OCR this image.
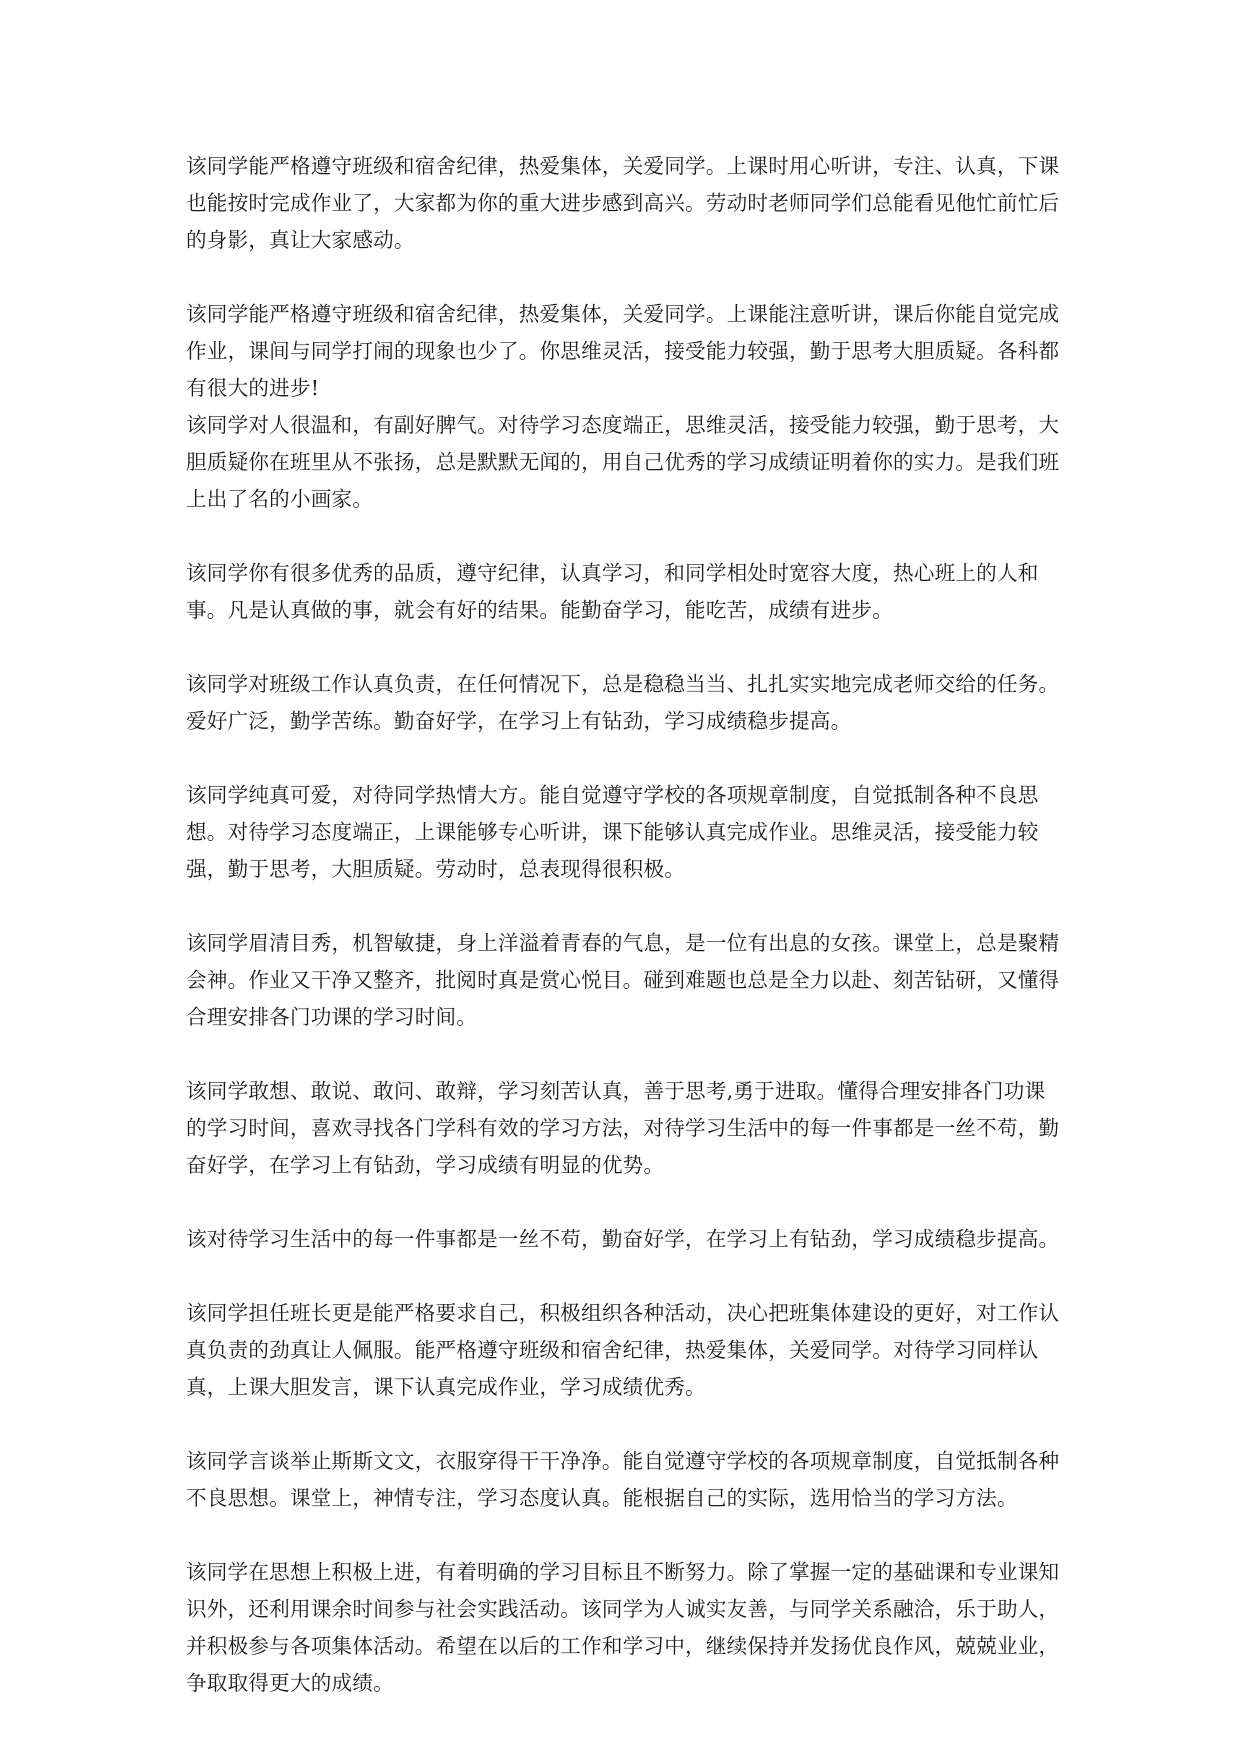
该同学能严格遵守班级和宿舍纪律，热爱集体，关爱同学。上课时用心听讲，专注、认真，下课也能按时完成作业了，大家都为你的重大进步感到高兴。劳动时老师同学们总能看见他忙前忙后的身影，真让大家感动。

该同学能严格遵守班级和宿舍纪律，热爱集体，关爱同学。上课能注意听讲，课后你能自觉完成作业，课间与同学打闹的现象也少了。你思维灵活，接受能力较强，勤于思考大胆质疑。各科都有很大的进步!

该同学对人很温和，有副好脾气。对待学习态度端正，思维灵活，接受能力较强，勤于思考，大胆质疑你在班里从不张扬，总是默默无闻的，用自己优秀的学习成绩证明着你的实力。是我们班上出了名的小画家。

该同学你有很多优秀的品质，遵守纪律，认真学习，和同学相处时宽容大度，热心班上的人和事。凡是认真做的事，就会有好的结果。能勤奋学习，能吃苦，成绩有进步。

该同学对班级工作认真负责，在任何情况下，总是稳稳当当、扎扎实实地完成老师交给的任务。爱好广泛，勤学苦练。勤奋好学，在学习上有钻劲，学习成绩稳步提高。

该同学纯真可爱，对待同学热情大方。能自觉遵守学校的各项规章制度，自觉抵制各种不良思想。对待学习态度端正，上课能够专心听讲，课下能够认真完成作业。思维灵活，接受能力较强，勤于思考，大胆质疑。劳动时，总表现得很积极。

该同学眉清目秀，机智敏捷，身上洋溢着青春的气息，是一位有出息的女孩。课堂上，总是聚精会神。作业又干净又整齐，批阅时真是赏心悦目。碰到难题也总是全力以赴、刻苦钻研，又懂得合理安排各门功课的学习时间。

该同学敢想、敢说、敢问、敢辩，学习刻苦认真，善于思考,勇于进取。懂得合理安排各门功课的学习时间，喜欢寻找各门学科有效的学习方法，对待学习生活中的每一件事都是一丝不苟，勤奋好学，在学习上有钻劲，学习成绩有明显的优势。

该对待学习生活中的每一件事都是一丝不苟，勤奋好学，在学习上有钻劲，学习成绩稳步提高。

该同学担任班长更是能严格要求自己，积极组织各种活动，决心把班集体建设的更好，对工作认真负责的劲真让人佩服。能严格遵守班级和宿舍纪律，热爱集体，关爱同学。对待学习同样认真，上课大胆发言，课下认真完成作业，学习成绩优秀。

该同学言谈举止斯斯文文，衣服穿得干干净净。能自觉遵守学校的各项规章制度，自觉抵制各种不良思想。课堂上，神情专注，学习态度认真。能根据自己的实际，选用恰当的学习方法。

该同学在思想上积极上进，有着明确的学习目标且不断努力。除了掌握一定的基础课和专业课知识外，还利用课余时间参与社会实践活动。该同学为人诚实友善，与同学关系融洽，乐于助人，并积极参与各项集体活动。希望在以后的工作和学习中，继续保持并发扬优良作风，兢兢业业，争取取得更大的成绩。
